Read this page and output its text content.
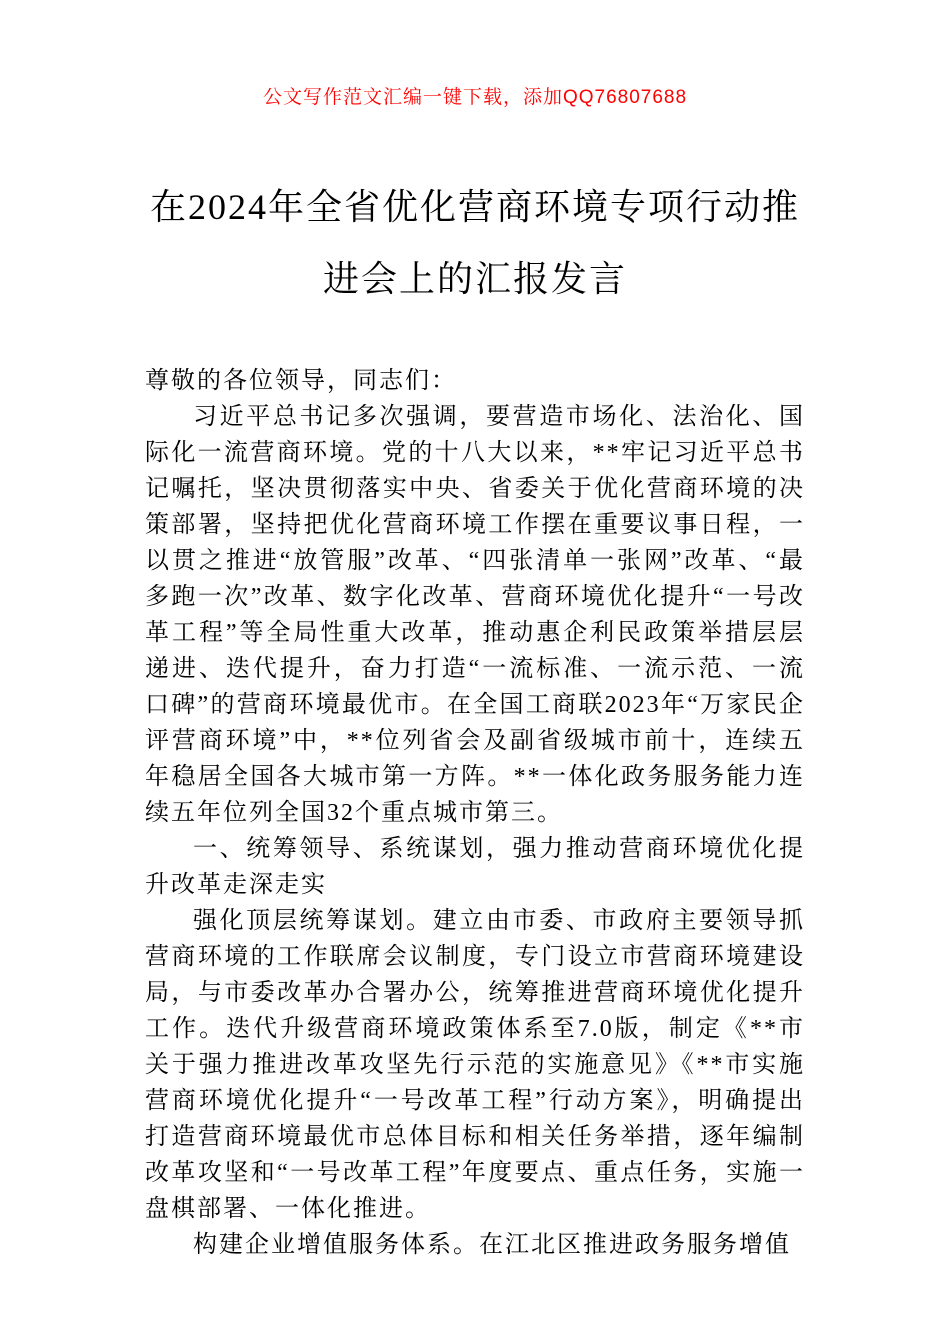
公文写作范文汇编一键下载，添加QQ76807688
在2024年全省优化营商环境专项行动推进会上的汇报发言

尊敬的各位领导，同志们：

习近平总书记多次强调，要营造市场化、法治化、国际化一流营商环境。党的十八大以来，**牢记习近平总书记嘱托，坚决贯彻落实中央、省委关于优化营商环境的决策部署，坚持把优化营商环境工作摆在重要议事日程，一以贯之推进“放管服”改革、“四张清单一张网”改革、“最多跑一次”改革、数字化改革、营商环境优化提升“一号改革工程”等全局性重大改革，推动惠企利民政策举措层层递进、迭代提升，奋力打造“一流标准、一流示范、一流口碑”的营商环境最优市。在全国工商联2023年“万家民企评营商环境”中，**位列省会及副省级城市前十，连续五年稳居全国各大城市第一方阵。**一体化政务服务能力连续五年位列全国32个重点城市第三。

一、统筹领导、系统谋划，强力推动营商环境优化提升改革走深走实

强化顶层统筹谋划。建立由市委、市政府主要领导抓营商环境的工作联席会议制度，专门设立市营商环境建设局，与市委改革办合署办公，统筹推进营商环境优化提升工作。迭代升级营商环境政策体系至7.0版，制定《**市关于强力推进改革攻坚先行示范的实施意见》《**市实施营商环境优化提升“一号改革工程”行动方案》，明确提出打造营商环境最优市总体目标和相关任务举措，逐年编制改革攻坚和“一号改革工程”年度要点、重点任务，实施一盘棋部署、一体化推进。

构建企业增值服务体系。在江北区推进政务服务增值
